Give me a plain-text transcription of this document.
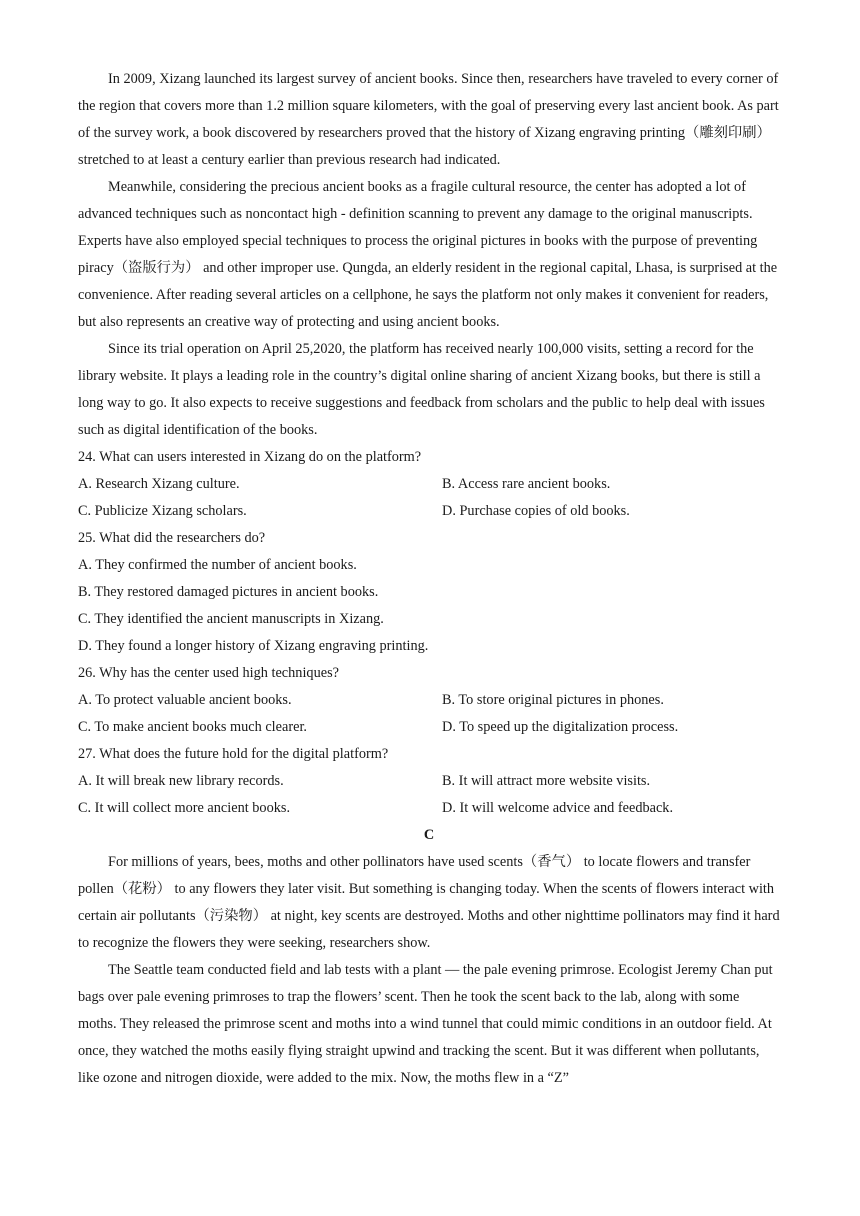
In 2009, Xizang launched its largest survey of ancient books. Since then, researchers have traveled to every corner of the region that covers more than 1.2 million square kilometers, with the goal of preserving every last ancient book. As part of the survey work, a book discovered by researchers proved that the history of Xizang engraving printing（雕刻印刷） stretched to at least a century earlier than previous research had indicated.

Meanwhile, considering the precious ancient books as a fragile cultural resource, the center has adopted a lot of advanced techniques such as noncontact high - definition scanning to prevent any damage to the original manuscripts. Experts have also employed special techniques to process the original pictures in books with the purpose of preventing piracy（盗版行为） and other improper use. Qungda, an elderly resident in the regional capital, Lhasa, is surprised at the convenience. After reading several articles on a cellphone, he says the platform not only makes it convenient for readers, but also represents an creative way of protecting and using ancient books.

Since its trial operation on April 25,2020, the platform has received nearly 100,000 visits, setting a record for the library website. It plays a leading role in the country’s digital online sharing of ancient Xizang books, but there is still a long way to go. It also expects to receive suggestions and feedback from scholars and the public to help deal with issues such as digital identification of the books.

24. What can users interested in Xizang do on the platform?

A. Research Xizang culture.	B. Access rare ancient books.
C. Publicize Xizang scholars.	D. Purchase copies of old books.

25. What did the researchers do?

A. They confirmed the number of ancient books.

B. They restored damaged pictures in ancient books.

C. They identified the ancient manuscripts in Xizang.

D. They found a longer history of Xizang engraving printing.

26. Why has the center used high techniques?

A. To protect valuable ancient books.	B. To store original pictures in phones.
C. To make ancient books much clearer.	D. To speed up the digitalization process.

27. What does the future hold for the digital platform?

A. It will break new library records.	B. It will attract more website visits.
C. It will collect more ancient books.	D. It will welcome advice and feedback.

C

For millions of years, bees, moths and other pollinators have used scents（香气） to locate flowers and transfer pollen（花粉） to any flowers they later visit. But something is changing today. When the scents of flowers interact with certain air pollutants（污染物） at night, key scents are destroyed. Moths and other nighttime pollinators may find it hard to recognize the flowers they were seeking, researchers show.

The Seattle team conducted field and lab tests with a plant — the pale evening primrose. Ecologist Jeremy Chan put bags over pale evening primroses to trap the flowers’ scent. Then he took the scent back to the lab, along with some moths. They released the primrose scent and moths into a wind tunnel that could mimic conditions in an outdoor field. At once, they watched the moths easily flying straight upwind and tracking the scent. But it was different when pollutants, like ozone and nitrogen dioxide, were added to the mix. Now, the moths flew in a “Z”
